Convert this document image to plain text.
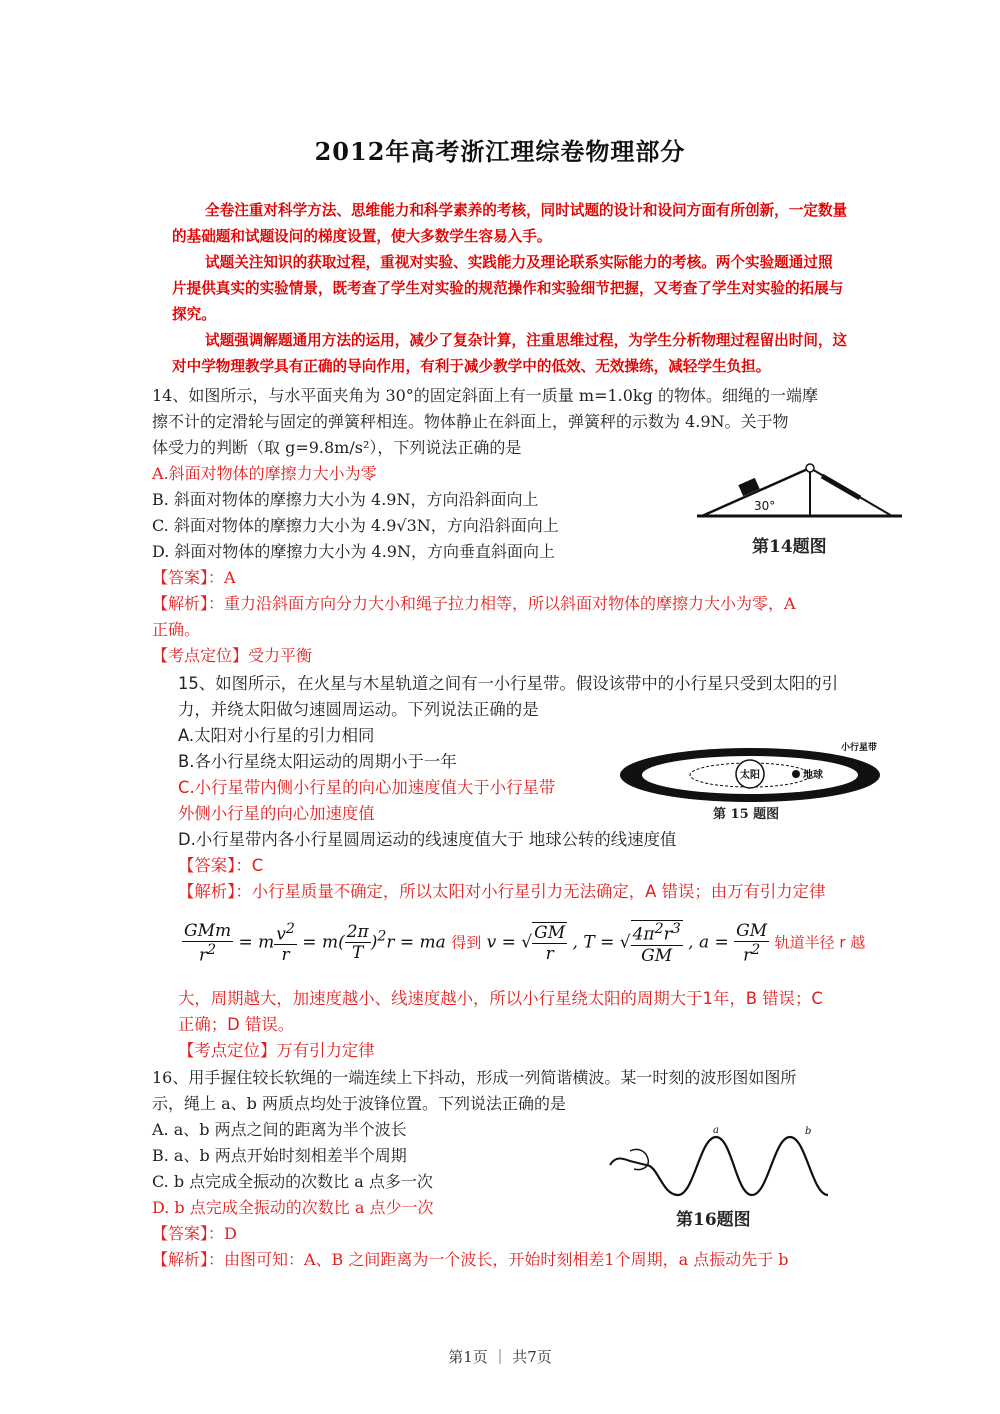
2012年高考浙江理综卷物理部分
全卷注重对科学方法、思维能力和科学素养的考核，同时试题的设计和设问方面有所创新，一定数量
的基础题和试题设问的梯度设置，使大多数学生容易入手。
试题关注知识的获取过程，重视对实验、实践能力及理论联系实际能力的考核。两个实验题通过照
片提供真实的实验情景，既考查了学生对实验的规范操作和实验细节把握，又考查了学生对实验的拓展与
探究。
试题强调解题通用方法的运用，减少了复杂计算，注重思维过程，为学生分析物理过程留出时间，这
对中学物理教学具有正确的导向作用，有利于减少教学中的低效、无效操练，减轻学生负担。
14、如图所示，与水平面夹角为 30°的固定斜面上有一质量 m=1.0kg 的物体。细绳的一端摩
擦不计的定滑轮与固定的弹簧秤相连。物体静止在斜面上，弹簧秤的示数为 4.9N。关于物
体受力的判断（取 g=9.8m/s²），下列说法正确的是
A.斜面对物体的摩擦力大小为零
B. 斜面对物体的摩擦力大小为 4.9N，方向沿斜面向上
C. 斜面对物体的摩擦力大小为 4.9√3N，方向沿斜面向上
D. 斜面对物体的摩擦力大小为 4.9N，方向垂直斜面向上
【答案】：A
【解析】：重力沿斜面方向分力大小和绳子拉力相等，所以斜面对物体的摩擦力大小为零，A
正确。
【考点定位】受力平衡
30°
第14题图
15、如图所示，在火星与木星轨道之间有一小行星带。假设该带中的小行星只受到太阳的引
力，并绕太阳做匀速圆周运动。下列说法正确的是
A.太阳对小行星的引力相同
B.各小行星绕太阳运动的周期小于一年
C.小行星带内侧小行星的向心加速度值大于小行星带
外侧小行星的向心加速度值
D.小行星带内各小行星圆周运动的线速度值大于 地球公转的线速度值
【答案】：C
【解析】：小行星质量不确定，所以太阳对小行星引力无法确定，A 错误；由万有引力定律
太阳	地球
小行星带
第 15 题图
$\frac{\text{GMm}}{r^2} = m \frac{v^2}{r} = m( \frac{2\pi}{T} )^2r$ = ma 得到 v = √ $\frac{GM}{r}$ , T = √ $\frac{4\pi^2r^3}{GM}$ , $a = \frac{GM}{r^2}$ 轨道半径 r 越
大，周期越大，加速度越小、线速度越小，所以小行星绕太阳的周期大于1年，B 错误；C
正确；D 错误。
【考点定位】万有引力定律
16、用手握住较长软绳的一端连续上下抖动，形成一列简谐横波。某一时刻的波形图如图所
示，绳上 a、b 两质点均处于波锋位置。下列说法正确的是
A. a、b 两点之间的距离为半个波长
B. a、b 两点开始时刻相差半个周期
C. b 点完成全振动的次数比 a 点多一次
D. b 点完成全振动的次数比 a 点少一次
【答案】：D
【解析】：由图可知：A、B 之间距离为一个波长，开始时刻相差1个周期，a 点振动先于 b
a	b
第16题图
第1页 ｜ 共7页
